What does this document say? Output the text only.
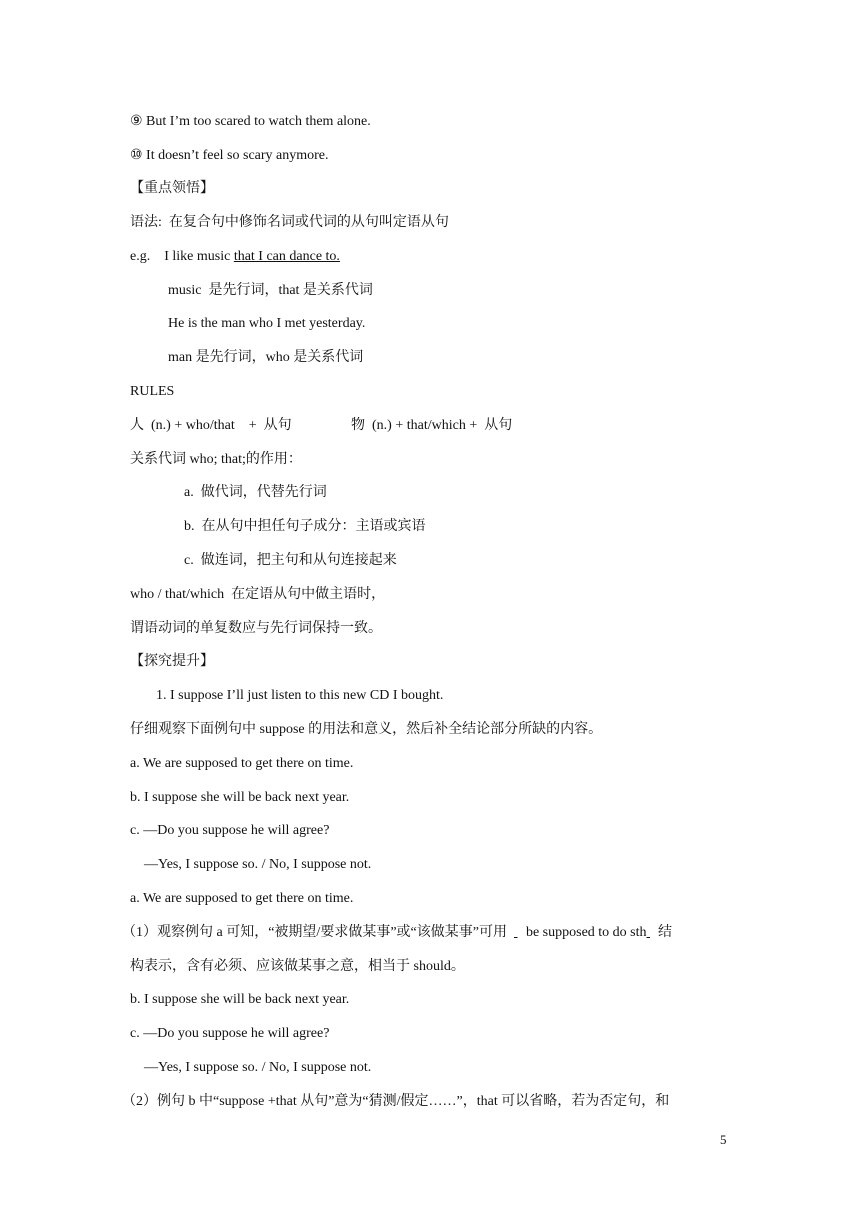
⑨ But I’m too scared to watch them alone.
⑩ It doesn’t feel so scary anymore.
【重点领悟】
语法:  在复合句中修饰名词或代词的从句叫定语从句
e.g.    I like music that I can dance to.
music  是先行词，that 是关系代词
He is the man who I met yesterday.
man 是先行词，who 是关系代词
RULES
人  (n.) + who/that    +  从句	物  (n.) + that/which +  从句
关系代词 who; that;的作用：
a.  做代词，代替先行词
b.  在从句中担任句子成分：主语或宾语
c.  做连词，把主句和从句连接起来
who / that/which  在定语从句中做主语时，
谓语动词的单复数应与先行词保持一致。
【探究提升】
1. I suppose I’ll just listen to this new CD I bought.
仔细观察下面例句中 suppose 的用法和意义，然后补全结论部分所缺的内容。
a. We are supposed to get there on time.
b. I suppose she will be back next year.
c. —Do you suppose he will agree?
—Yes, I suppose so. / No, I suppose not.
a. We are supposed to get there on time.
（1）观察例句 a 可知，“被期望/要求做某事”或“该做某事”可用   be supposed to do sth  结
构表示，含有必须、应该做某事之意，相当于 should。
b. I suppose she will be back next year.
c. —Do you suppose he will agree?
—Yes, I suppose so. / No, I suppose not.
（2）例句 b 中“suppose +that 从句”意为“猜测/假定……”，that 可以省略，若为否定句，和
5
